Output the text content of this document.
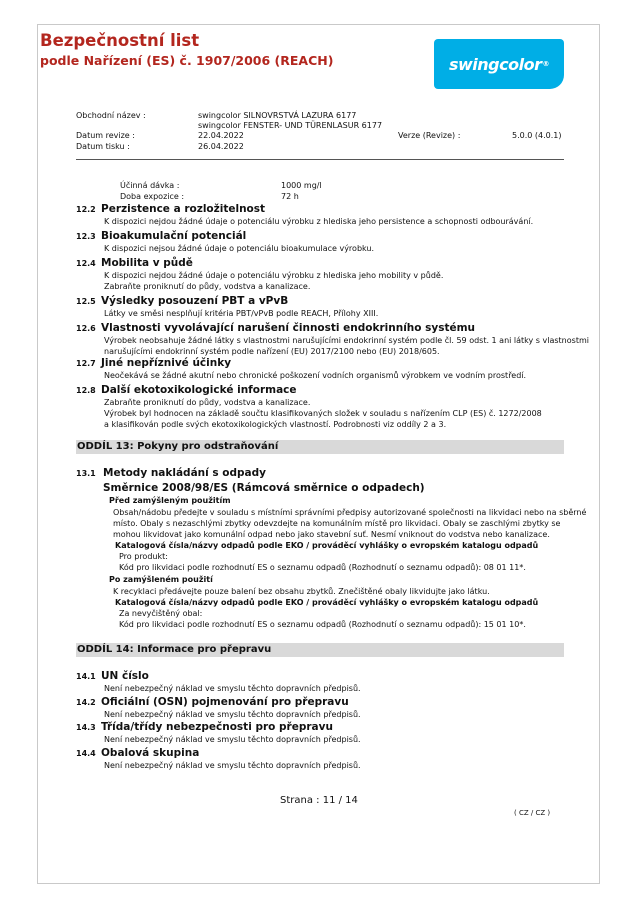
Bezpečnostní list
podle Nařízení (ES) č. 1907/2006 (REACH)	swingcolor ®
Obchodní název :	swingcolor SILNOVRSTVÁ LAZURA 6177
swingcolor FENSTER- UND TÜRENLASUR 6177
Datum revize :	22.04.2022	Verze (Revize) :	5.0.0 (4.0.1)
Datum tisku :	26.04.2022
Účinná dávka :	1000 mg/l
Doba expozice :	72 h
12.2 Perzistence a rozložitelnost
K dispozici nejdou žádné údaje o potenciálu výrobku z hlediska jeho persistence a schopnosti odbourávání.
12.3 Bioakumulační potenciál
K dispozici nejsou žádné údaje o potenciálu bioakumulace výrobku.
12.4 Mobilita v půdě
K dispozici nejdou žádné údaje o potenciálu výrobku z hlediska jeho mobility v půdě.
Zabraňte proniknutí do půdy, vodstva a kanalizace.
12.5 Výsledky posouzení PBT a vPvB
Látky ve směsi nesplňují kritéria PBT/vPvB podle REACH, Přílohy XIII.
12.6 Vlastnosti vyvolávající narušení činnosti endokrinního systému
Výrobek neobsahuje žádné látky s vlastnostmi narušujícími endokrinní systém podle čl. 59 odst. 1 ani látky s vlastnostmi
narušujícími endokrinní systém podle nařízení (EU) 2017/2100 nebo (EU) 2018/605.
12.7 Jiné nepříznivé účinky
Neočekává se žádné akutní nebo chronické poškození vodních organismů výrobkem ve vodním prostředí.
12.8 Další ekotoxikologické informace
Zabraňte proniknutí do půdy, vodstva a kanalizace.
Výrobek byl hodnocen na základě součtu klasifikovaných složek v souladu s nařízením CLP (ES) č. 1272/2008
a klasifikován podle svých ekotoxikologických vlastností. Podrobnosti viz oddíly 2 a 3.
ODDÍL 13: Pokyny pro odstraňování
13.1 Metody nakládání s odpady
Směrnice 2008/98/ES (Rámcová směrnice o odpadech)
Před zamýšleným použitím
Obsah/nádobu předejte v souladu s místními správními předpisy autorizované společnosti na likvidaci nebo na sběrné
místo. Obaly s nezaschlými zbytky odevzdejte na komunálním místě pro likvidaci. Obaly se zaschlými zbytky se
mohou likvidovat jako komunální odpad nebo jako stavební suť. Nesmí vniknout do vodstva nebo kanalizace.
Katalogová čísla/názvy odpadů podle EKO / prováděcí vyhlášky o evropském katalogu odpadů
Pro produkt:
Kód pro likvidaci podle rozhodnutí ES o seznamu odpadů (Rozhodnutí o seznamu odpadů): 08 01 11*.
Po zamýšleném použití
K recyklaci předávejte pouze balení bez obsahu zbytků. Znečištěné obaly likvidujte jako látku.
Katalogová čísla/názvy odpadů podle EKO / prováděcí vyhlášky o evropském katalogu odpadů
Za nevyčištěný obal:
Kód pro likvidaci podle rozhodnutí ES o seznamu odpadů (Rozhodnutí o seznamu odpadů): 15 01 10*.
ODDÍL 14: Informace pro přepravu
14.1 UN číslo
Není nebezpečný náklad ve smyslu těchto dopravních předpisů.
14.2 Oficiální (OSN) pojmenování pro přepravu
Není nebezpečný náklad ve smyslu těchto dopravních předpisů.
14.3 Třída/třídy nebezpečnosti pro přepravu
Není nebezpečný náklad ve smyslu těchto dopravních předpisů.
14.4 Obalová skupina
Není nebezpečný náklad ve smyslu těchto dopravních předpisů.
Strana : 11 / 14
( CZ / CZ )
